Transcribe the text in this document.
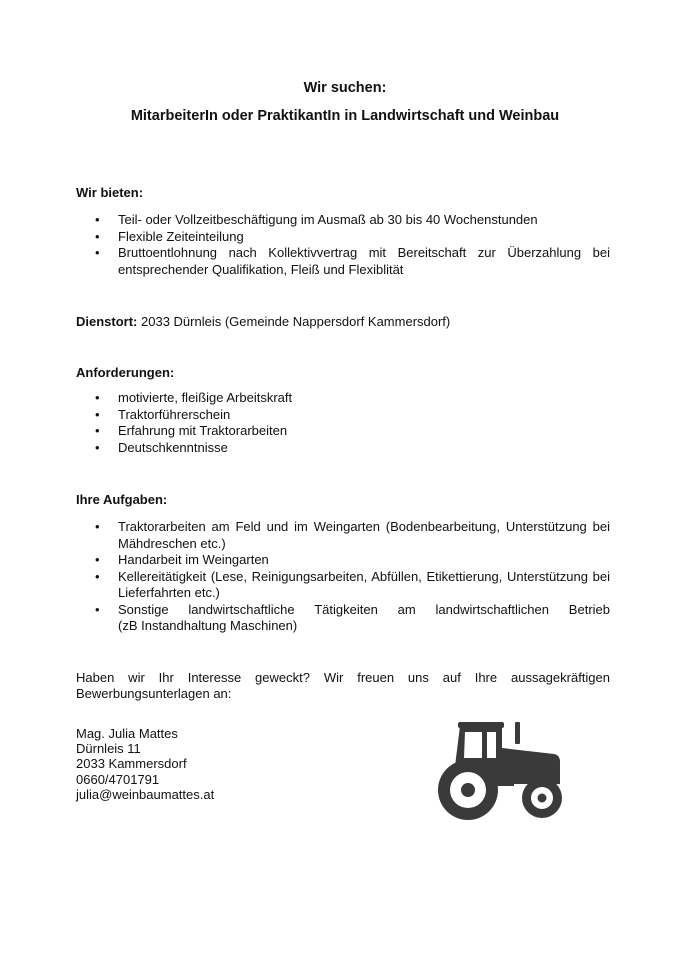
Wir suchen:
MitarbeiterIn oder PraktikantIn in Landwirtschaft und Weinbau
Wir bieten:
• Teil- oder Vollzeitbeschäftigung im Ausmaß ab 30 bis 40 Wochenstunden
• Flexible Zeiteinteilung
• Bruttoentlohnung nach Kollektivvertrag mit Bereitschaft zur Überzahlung bei
entsprechender Qualifikation, Fleiß und Flexiblität
Dienstort: 2033 Dürnleis (Gemeinde Nappersdorf Kammersdorf)
Anforderungen:
• motivierte, fleißige Arbeitskraft
• Traktorführerschein
• Erfahrung mit Traktorarbeiten
• Deutschkenntnisse
Ihre Aufgaben:
• Traktorarbeiten am Feld und im Weingarten (Bodenbearbeitung, Unterstützung bei
Mähdreschen etc.)
• Handarbeit im Weingarten
• Kellereitätigkeit (Lese, Reinigungsarbeiten, Abfüllen, Etikettierung, Unterstützung bei
Lieferfahrten etc.)
• Sonstige landwirtschaftliche Tätigkeiten am landwirtschaftlichen Betrieb
(zB Instandhaltung Maschinen)
Haben wir Ihr Interesse geweckt? Wir freuen uns auf Ihre aussagekräftigen
Bewerbungsunterlagen an:
Mag. Julia Mattes
Dürnleis 11
2033 Kammersdorf
0660/4701791
julia@weinbaumattes.at
